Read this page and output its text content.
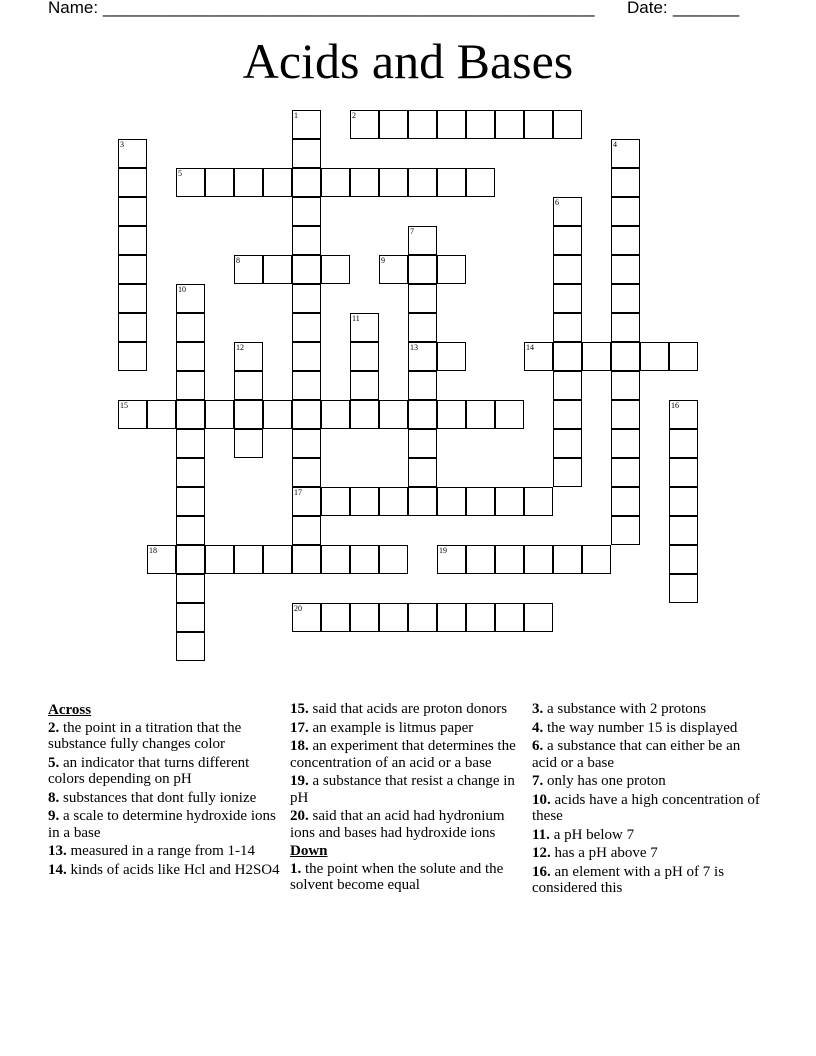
Name: ____________________________________________________ Date: _______
Acids and Bases
1
17
2
3	4
5
6
7
13
8	9
10
11
12	14
15	16
18	19
20
Across
2. the point in a titration that the substance fully changes color
5. an indicator that turns different colors depending on pH
8. substances that dont fully ionize
9. a scale to determine hydroxide ions in a base
13. measured in a range from 1-14
14. kinds of acids like Hcl and H2SO4
15. said that acids are proton donors
17. an example is litmus paper
18. an experiment that determines the concentration of an acid or a base
19. a substance that resist a change in pH
20. said that an acid had hydronium ions and bases had hydroxide ions
Down
1. the point when the solute and the solvent become equal
3. a substance with 2 protons
4. the way number 15 is displayed
6. a substance that can either be an acid or a base
7. only has one proton
10. acids have a high concentration of these
11. a pH below 7
12. has a pH above 7
16. an element with a pH of 7 is considered this
